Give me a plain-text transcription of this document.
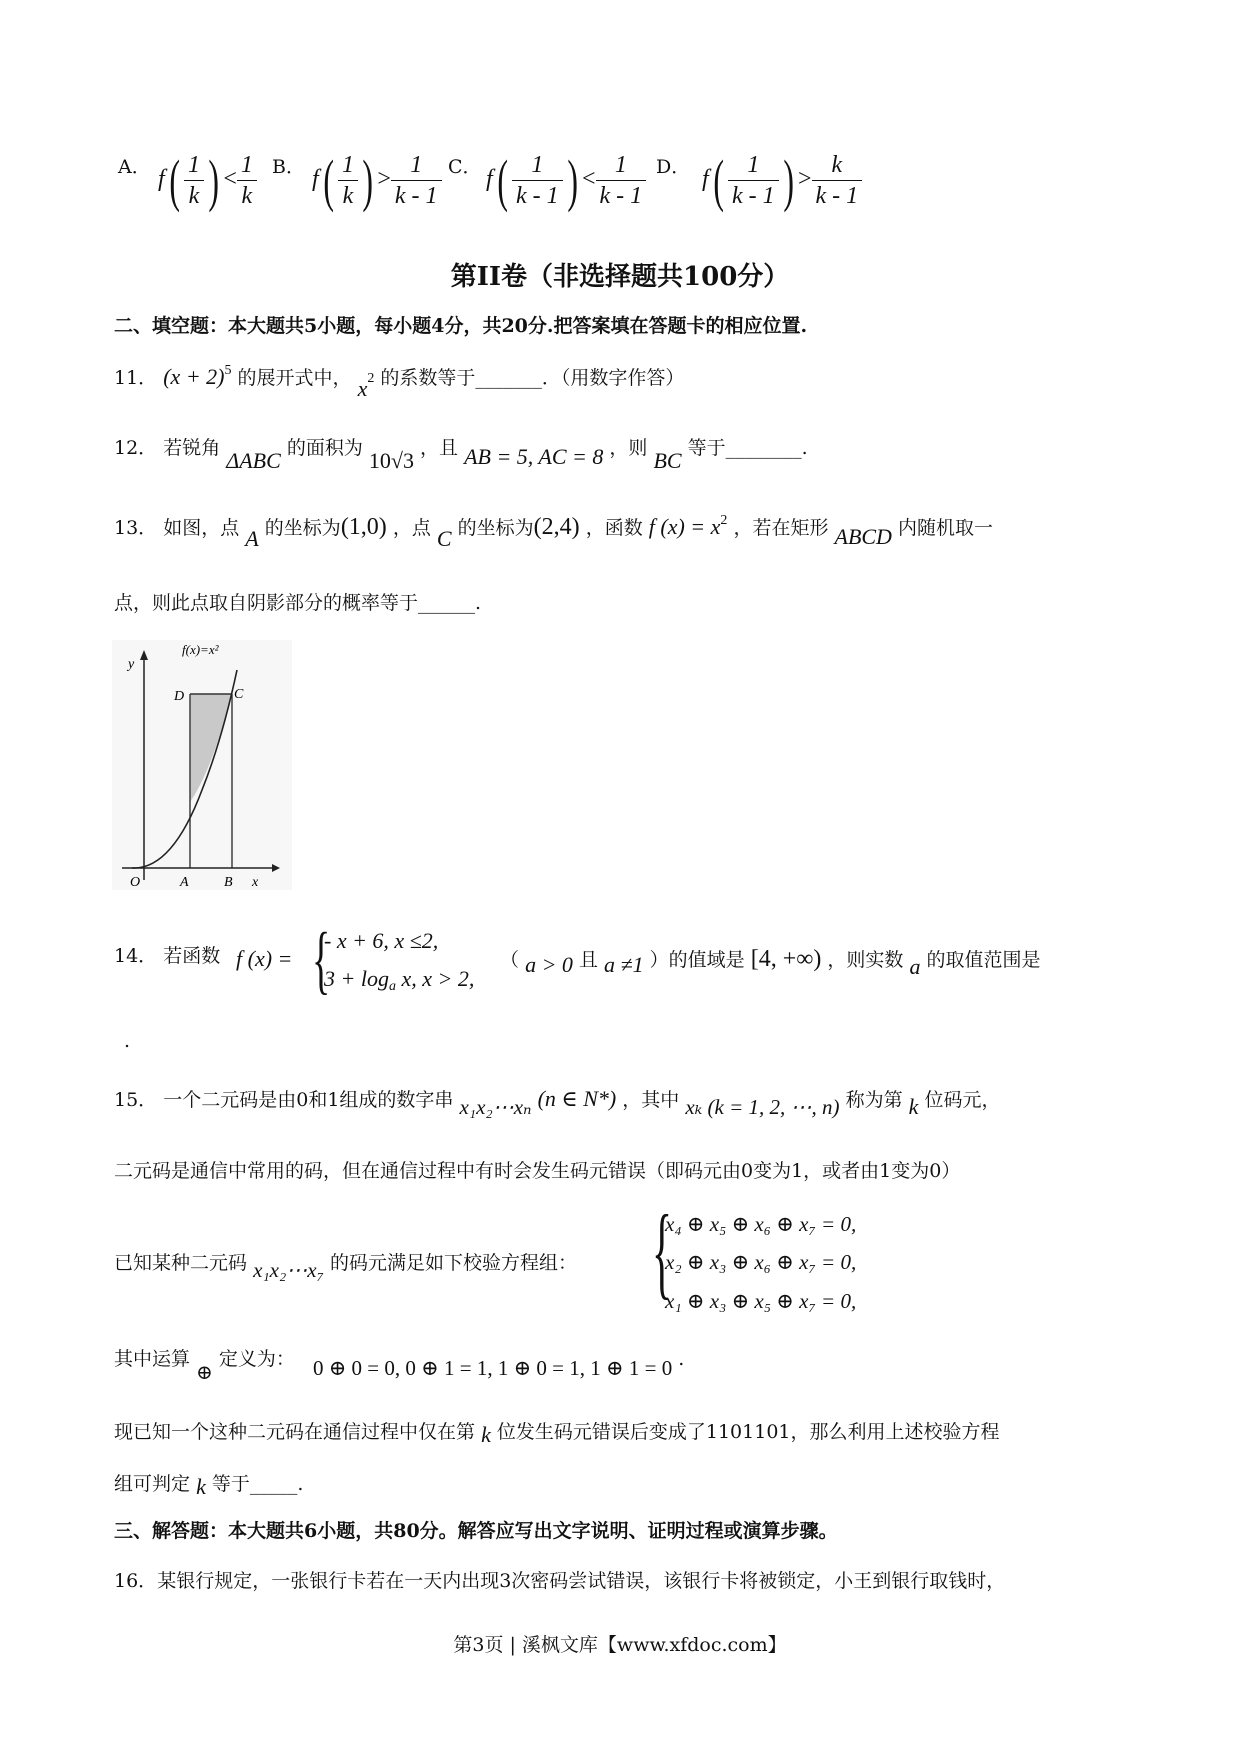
A． $f( \frac{1}{k}$ ) < $\frac{1}{k}$ B． $f( \frac{1}{k}$ ) > $\frac{1}{k - 1}$ C． $f( \frac{1}{k - 1}$ ) < $\frac{1}{k - 1}$ D． $f( \frac{1}{k - 1}$ ) > $\frac{k}{k - 1}$
第II卷（非选择题共100分）
二、填空题：本大题共5小题，每小题4分，共20分.把答案填在答题卡的相应位置.
11． $(x + 2)^5$ 的展开式中， $x^2$ 的系数等于_______．（用数字作答）
12． 若锐角 ΔABC 的面积为 10√3 ，且 AB = 5, AC = 8 ，则 BC 等于________.
13． 如图，点 A 的坐标为(1,0) ，点 C 的坐标为(2,4) ，函数 f $(x) = x^2$ ，若在矩形 ABCD 内随机取一
点，则此点取自阴影部分的概率等于______.
f(x)=x²
y
x
O	A	B
C
D
14． 若函数 f (x) = {
- x + 6, x ≤2,
$3 + \log_a x$, x > 2,
（ a > 0 且 a ≠1 ）的值域是 [4, +∞) ，则实数 a 的取值范围是
.
15． 一个二元码是由0和1组成的数字串 x₁x₂⋯xₙ (n ∈ N*) ，其中 xₖ (k = 1, 2, ⋯, n) 称为第 k 位码元，
二元码是通信中常用的码，但在通信过程中有时会发生码元错误（即码元由0变为1，或者由1变为0）
已知某种二元码 x₁x₂⋯x₇ 的码元满足如下校验方程组： {
x₄ ⊕ x₅ ⊕ x₆ ⊕ x₇ = 0,
x₂ ⊕ x₃ ⊕ x₆ ⊕ x₇ = 0,
x₁ ⊕ x₃ ⊕ x₅ ⊕ x₇ = 0,
其中运算 ⊕ 定义为： 0 ⊕ 0 = 0, 0 ⊕ 1 = 1, 1 ⊕ 0 = 1, 1 ⊕ 1 = 0 .
现已知一个这种二元码在通信过程中仅在第 k 位发生码元错误后变成了1101101，那么利用上述校验方程
组可判定 k 等于_____.
三、解答题：本大题共6小题，共80分。解答应写出文字说明、证明过程或演算步骤。
16．某银行规定，一张银行卡若在一天内出现3次密码尝试错误，该银行卡将被锁定，小王到银行取钱时，
第3页 | 溪枫文库【www.xfdoc.com】
